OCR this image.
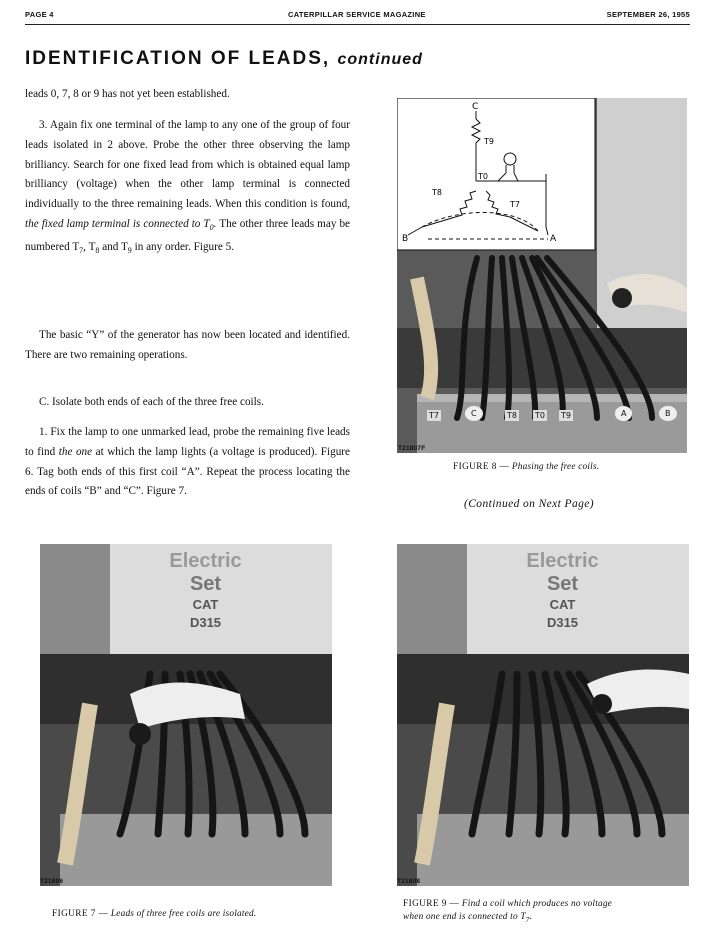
PAGE 4	CATERPILLAR SERVICE MAGAZINE	SEPTEMBER 26, 1955
IDENTIFICATION OF LEADS, continued

leads 0, 7, 8 or 9 has not yet been established.

3. Again fix one terminal of the lamp to any one of the group of four leads isolated in 2 above. Probe the other three observing the lamp brilliancy. Search for one fixed lead from which is obtained equal lamp brilliancy (voltage) when the other lamp terminal is connected individually to the three remaining leads. When this condition is found, the fixed lamp terminal is connected to $T_0$. The other three leads may be numbered $T_7$, $T_8$ and $T_9$ in any order. Figure 5.

The basic “Y” of the generator has now been located and identified. There are two remaining operations.

C. Isolate both ends of each of the three free coils.

1. Fix the lamp to one unmarked lead, probe the remaining five leads to find the one at which the lamp lights (a voltage is produced). Figure 6. Tag both ends of this first coil “A”. Repeat the process locating the ends of coils “B” and “C”. Figure 7.

C
T9
T0
T8
T7
B	A
T7	C	T8 T0 T9	A	B
T21807F
FIGURE 8 — Phasing the free coils.
(Continued on Next Page)
Electric
Set
CAT
D315
T21806
FIGURE 7 — Leads of three free coils are isolated.
Electric
Set
CAT
D315
T21808
FIGURE 9 — Find a coil which produces no voltage
when one end is connected to $T_7$.
